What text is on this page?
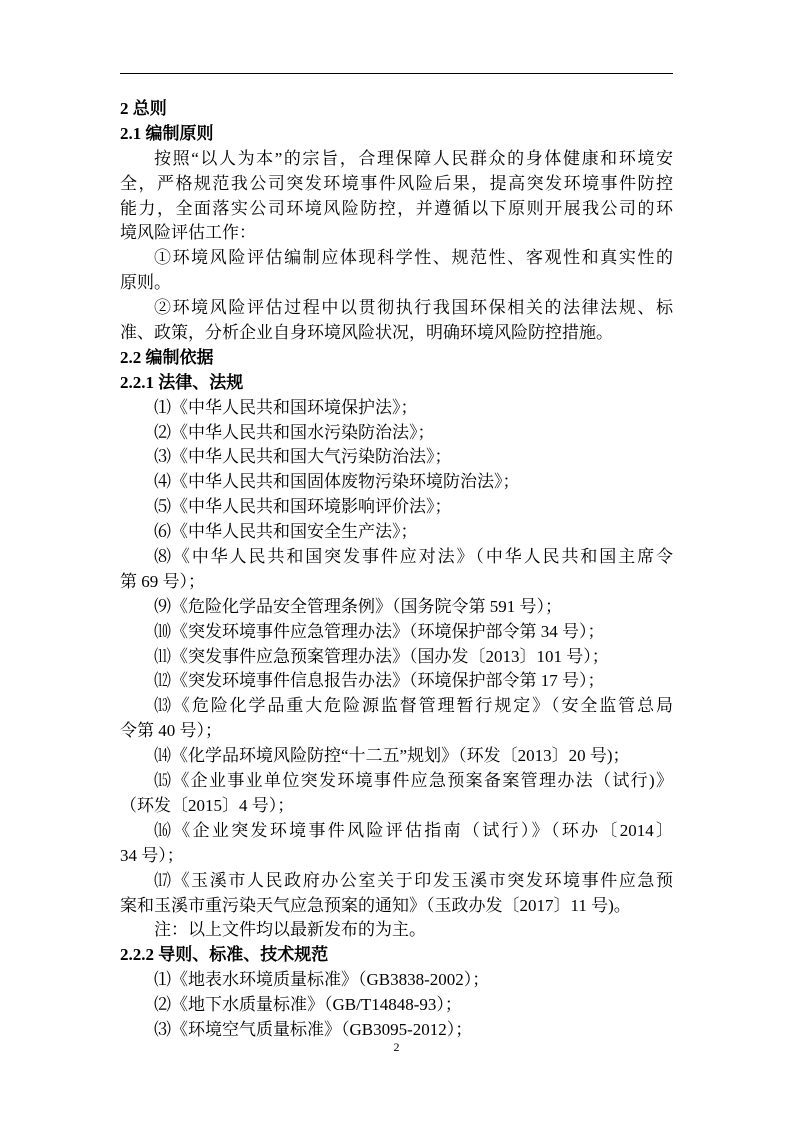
2 总则
2.1 编制原则
按照“以人为本”的宗旨，合理保障人民群众的身体健康和环境安
全，严格规范我公司突发环境事件风险后果，提高突发环境事件防控
能力，全面落实公司环境风险防控，并遵循以下原则开展我公司的环
境风险评估工作：
①环境风险评估编制应体现科学性、规范性、客观性和真实性的
原则。
②环境风险评估过程中以贯彻执行我国环保相关的法律法规、标
准、政策，分析企业自身环境风险状况，明确环境风险防控措施。
2.2 编制依据
2.2.1 法律、法规
⑴《中华人民共和国环境保护法》；
⑵《中华人民共和国水污染防治法》；
⑶《中华人民共和国大气污染防治法》；
⑷《中华人民共和国固体废物污染环境防治法》；
⑸《中华人民共和国环境影响评价法》；
⑹《中华人民共和国安全生产法》；
⑻《中华人民共和国突发事件应对法》（中华人民共和国主席令
第 69 号）；
⑼《危险化学品安全管理条例》（国务院令第 591 号）；
⑽《突发环境事件应急管理办法》（环境保护部令第 34 号）；
⑾《突发事件应急预案管理办法》（国办发〔2013〕101 号）；
⑿《突发环境事件信息报告办法》（环境保护部令第 17 号）；
⒀《危险化学品重大危险源监督管理暂行规定》（安全监管总局
令第 40 号）；
⒁《化学品环境风险防控“十二五”规划》（环发〔2013〕20 号)；
⒂《企业事业单位突发环境事件应急预案备案管理办法（试行)》
（环发〔2015〕4 号）；
⒃《企业突发环境事件风险评估指南（试行）》（环办〔2014〕
34 号）；
⒄《玉溪市人民政府办公室关于印发玉溪市突发环境事件应急预
案和玉溪市重污染天气应急预案的通知》（玉政办发〔2017〕11 号)。
注：以上文件均以最新发布的为主。
2.2.2 导则、标准、技术规范
⑴《地表水环境质量标准》（GB3838-2002）；
⑵《地下水质量标准》（GB/T14848-93）；
⑶《环境空气质量标准》（GB3095-2012）；
2
